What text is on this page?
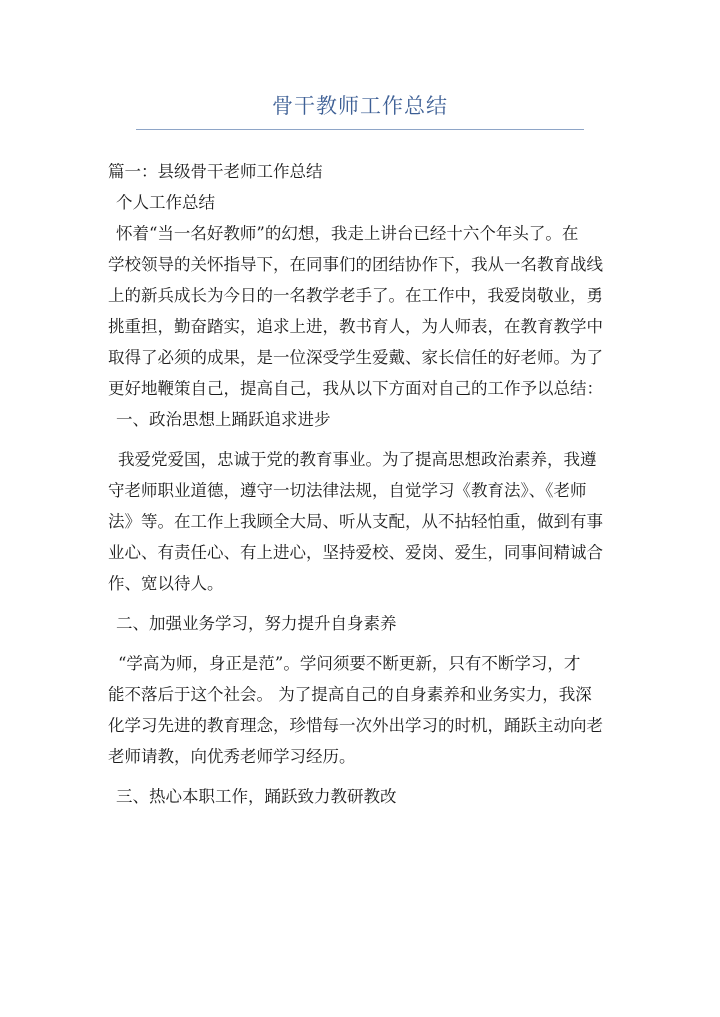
骨干教师工作总结
篇一：县级骨干老师工作总结
个人工作总结
怀着“当一名好教师”的幻想，我走上讲台已经十六个年头了。在
学校领导的关怀指导下，在同事们的团结协作下，我从一名教育战线
上的新兵成长为今日的一名教学老手了。在工作中，我爱岗敬业，勇
挑重担，勤奋踏实，追求上进，教书育人，为人师表，在教育教学中
取得了必须的成果，是一位深受学生爱戴、家长信任的好老师。为了
更好地鞭策自己，提高自己，我从以下方面对自己的工作予以总结：
一、政治思想上踊跃追求进步
我爱党爱国，忠诚于党的教育事业。为了提高思想政治素养，我遵
守老师职业道德，遵守一切法律法规，自觉学习《教育法》、《老师
法》等。在工作上我顾全大局、听从支配，从不拈轻怕重，做到有事
业心、有责任心、有上进心，坚持爱校、爱岗、爱生，同事间精诚合
作、宽以待人。
二、加强业务学习，努力提升自身素养
“学高为师，身正是范”。学问须要不断更新，只有不断学习，才
能不落后于这个社会。 为了提高自己的自身素养和业务实力，我深
化学习先进的教育理念，珍惜每一次外出学习的时机，踊跃主动向老
老师请教，向优秀老师学习经历。
三、热心本职工作，踊跃致力教研教改
